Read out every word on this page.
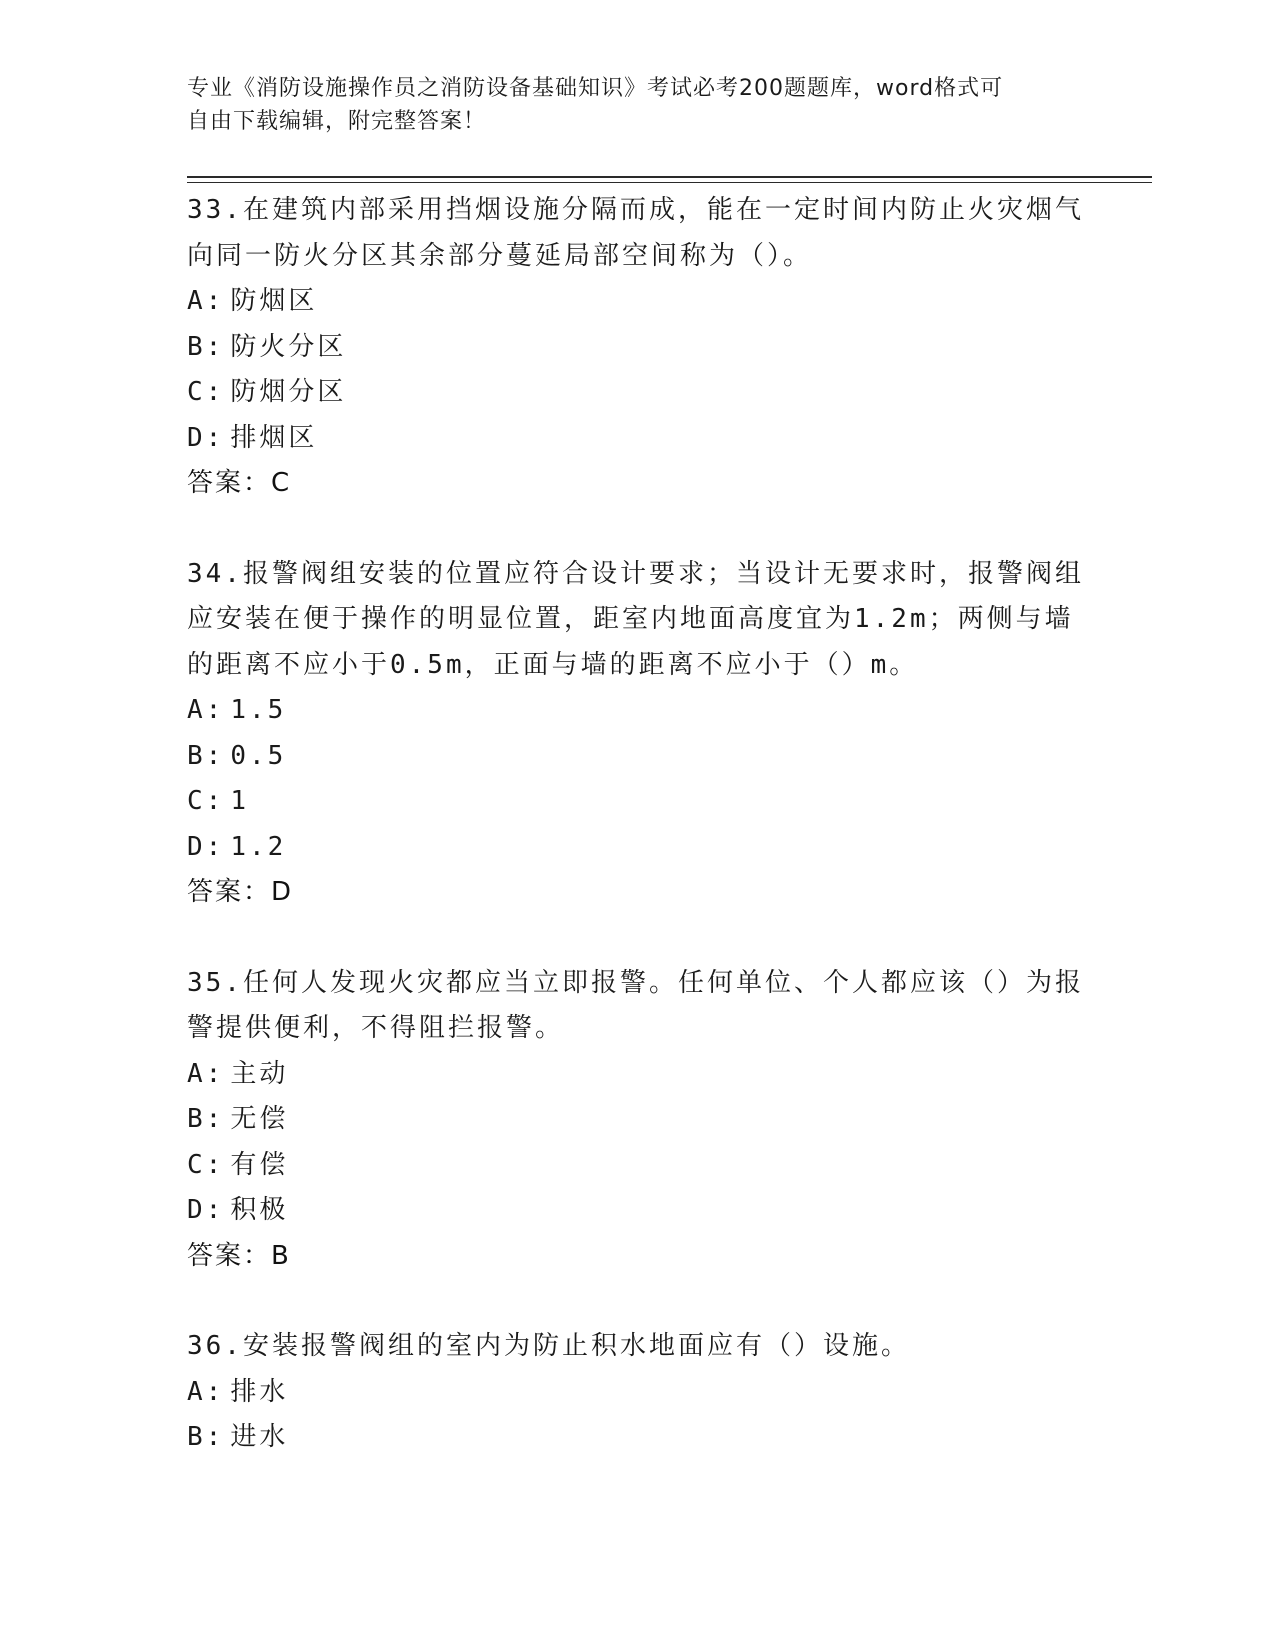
专业《消防设施操作员之消防设备基础知识》考试必考200题题库，word格式可
自由下载编辑，附完整答案！
33.在建筑内部采用挡烟设施分隔而成，能在一定时间内防止火灾烟气
向同一防火分区其余部分蔓延局部空间称为（）。
A: 防烟区
B: 防火分区
C: 防烟分区
D: 排烟区
答案：C
34.报警阀组安装的位置应符合设计要求；当设计无要求时，报警阀组
应安装在便于操作的明显位置，距室内地面高度宜为1.2m；两侧与墙
的距离不应小于0.5m，正面与墙的距离不应小于（）m。
A: 1.5
B: 0.5
C: 1
D: 1.2
答案：D
35.任何人发现火灾都应当立即报警。任何单位、个人都应该（）为报
警提供便利，不得阻拦报警。
A: 主动
B: 无偿
C: 有偿
D: 积极
答案：B
36.安装报警阀组的室内为防止积水地面应有（）设施。
A: 排水
B: 进水
